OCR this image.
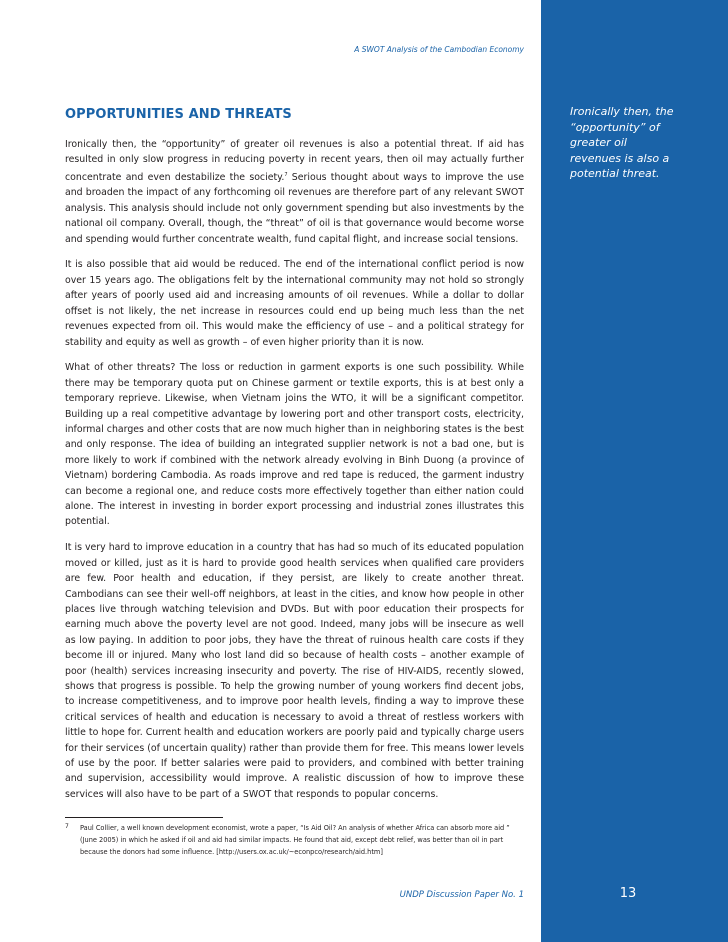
A SWOT Analysis of the Cambodian Economy
OPPORTUNITIES AND THREATS

Ironically then, the “opportunity” of greater oil revenues is also a potential threat. If aid has resulted in only slow progress in reducing poverty in recent years, then oil may actually further concentrate and even destabilize the society.$^7$ Serious thought about ways to improve the use and broaden the impact of any forthcoming oil revenues are therefore part of any relevant SWOT analysis. This analysis should include not only government spending but also investments by the national oil company. Overall, though, the “threat” of oil is that governance would become worse and spending would further concentrate wealth, fund capital flight, and increase social tensions.

It is also possible that aid would be reduced. The end of the international conflict period is now over 15 years ago. The obligations felt by the international community may not hold so strongly after years of poorly used aid and increasing amounts of oil revenues. While a dollar to dollar offset is not likely, the net increase in resources could end up being much less than the net revenues expected from oil. This would make the efficiency of use – and a political strategy for stability and equity as well as growth – of even higher priority than it is now.

What of other threats? The loss or reduction in garment exports is one such possibility. While there may be temporary quota put on Chinese garment or textile exports, this is at best only a temporary reprieve. Likewise, when Vietnam joins the WTO, it will be a significant competitor. Building up a real competitive advantage by lowering port and other transport costs, electricity, informal charges and other costs that are now much higher than in neighboring states is the best and only response. The idea of building an integrated supplier network is not a bad one, but is more likely to work if combined with the network already evolving in Binh Duong (a province of Vietnam) bordering Cambodia. As roads improve and red tape is reduced, the garment industry can become a regional one, and reduce costs more effectively together than either nation could alone. The interest in investing in border export processing and industrial zones illustrates this potential.

It is very hard to improve education in a country that has had so much of its educated population moved or killed, just as it is hard to provide good health services when qualified care providers are few. Poor health and education, if they persist, are likely to create another threat. Cambodians can see their well-off neighbors, at least in the cities, and know how people in other places live through watching television and DVDs. But with poor education their prospects for earning much above the poverty level are not good. Indeed, many jobs will be insecure as well as low paying. In addition to poor jobs, they have the threat of ruinous health care costs if they become ill or injured. Many who lost land did so because of health costs – another example of poor (health) services increasing insecurity and poverty. The rise of HIV-AIDS, recently slowed, shows that progress is possible. To help the growing number of young workers find decent jobs, to increase competitiveness, and to improve poor health levels, finding a way to improve these critical services of health and education is necessary to avoid a threat of restless workers with little to hope for. Current health and education workers are poorly paid and typically charge users for their services (of uncertain quality) rather than provide them for free. This means lower levels of use by the poor. If better salaries were paid to providers, and combined with better training and supervision, accessibility would improve. A realistic discussion of how to improve these services will also have to be part of a SWOT that responds to popular concerns.

7 Paul Collier, a well known development economist, wrote a paper, “Is Aid Oil? An analysis of whether Africa can absorb more aid ” (June 2005) in which he asked if oil and aid had similar impacts. He found that aid, except debt relief, was better than oil in part because the donors had some influence. [http://users.ox.ac.uk/~econpco/research/aid.htm]

UNDP Discussion Paper No. 1

Ironically then, the “opportunity” of greater oil revenues is also a potential threat.

13
